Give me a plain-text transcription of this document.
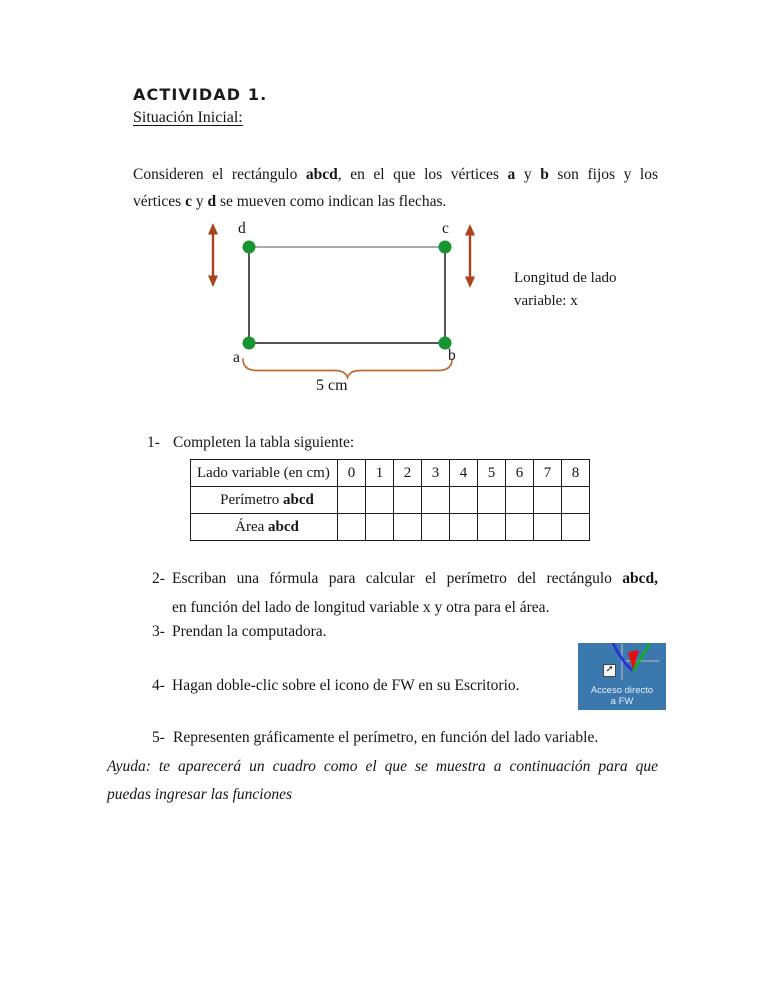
ACTIVIDAD 1.
Situación Inicial:
Consideren el rectángulo abcd, en el que los vértices a y b son fijos y los
vértices c y d se mueven como indican las flechas.
d	c
a	b
Longitud de lado
variable: x
5 cm
1- Completen la tabla siguiente:
Lado variable (en cm)	0	1	2	3	4	5	6	7	8
Perímetro abcd									
Área abcd									
2- Escriban una fórmula para calcular el perímetro del rectángulo abcd,
en función del lado de longitud variable x y otra para el área.
3- Prendan la computadora.
4- Hagan doble-clic sobre el icono de FW en su Escritorio.
➚
Acceso directo
a FW
5- Representen gráficamente el perímetro, en función del lado variable.
Ayuda: te aparecerá un cuadro como el que se muestra a continuación para que
puedas ingresar las funciones
